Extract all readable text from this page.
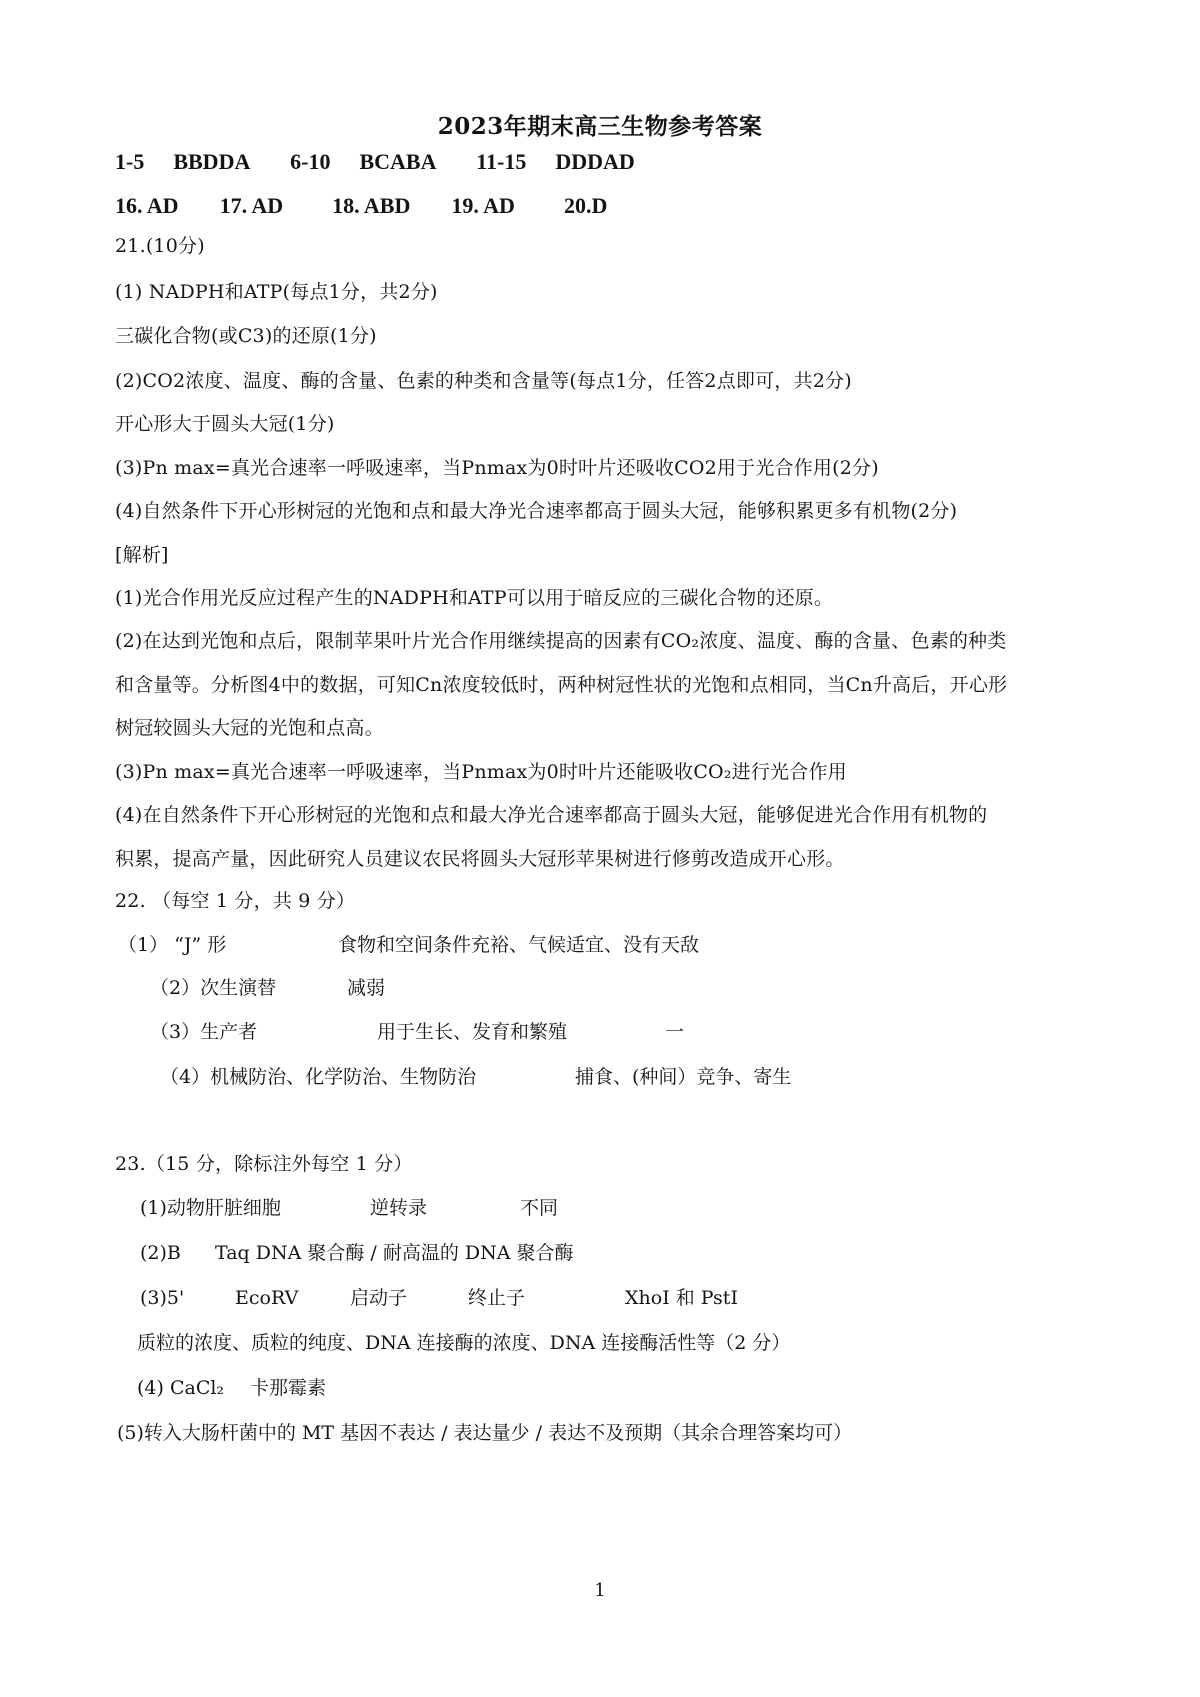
2023年期末高三生物参考答案
1-5 BBDDA 6-10 BCABA 11-15 DDDAD
16. AD 17. AD 18. ABD 19. AD 20.D
21.(10分)
(1) NADPH和ATP(每点1分，共2分)
三碳化合物(或C3)的还原(1分)
(2)CO2浓度、温度、酶的含量、色素的种类和含量等(每点1分，任答2点即可，共2分)
开心形大于圆头大冠(1分)
(3)Pn max=真光合速率一呼吸速率，当Pnmax为0时叶片还吸收CO2用于光合作用(2分)
(4)自然条件下开心形树冠的光饱和点和最大净光合速率都高于圆头大冠，能够积累更多有机物(2分)
[解析]
(1)光合作用光反应过程产生的NADPH和ATP可以用于暗反应的三碳化合物的还原。
(2)在达到光饱和点后，限制苹果叶片光合作用继续提高的因素有CO₂浓度、温度、酶的含量、色素的种类
和含量等。分析图4中的数据，可知Cn浓度较低时，两种树冠性状的光饱和点相同，当Cn升高后，开心形
树冠较圆头大冠的光饱和点高。
(3)Pn max=真光合速率一呼吸速率，当Pnmax为0时叶片还能吸收CO₂进行光合作用
(4)在自然条件下开心形树冠的光饱和点和最大净光合速率都高于圆头大冠，能够促进光合作用有机物的
积累，提高产量，因此研究人员建议农民将圆头大冠形苹果树进行修剪改造成开心形。
22. （每空 1 分，共 9 分）
（1） “J” 形	食物和空间条件充裕、气候适宜、没有天敌
（2）次生演替	减弱
（3）生产者	用于生长、发育和繁殖	一
（4）机械防治、化学防治、生物防治	捕食、(种间）竞争、寄生
23.（15 分，除标注外每空 1 分）
(1)动物肝脏细胞	逆转录	不同
(2)B Taq DNA 聚合酶 / 耐高温的 DNA 聚合酶
(3)5'	EcoRV	启动子	终止子	XhoI 和 PstI
质粒的浓度、质粒的纯度、DNA 连接酶的浓度、DNA 连接酶活性等（2 分）
(4) CaCl₂ 卡那霉素
(5)转入大肠杆菌中的 MT 基因不表达 / 表达量少 / 表达不及预期（其余合理答案均可）
1
